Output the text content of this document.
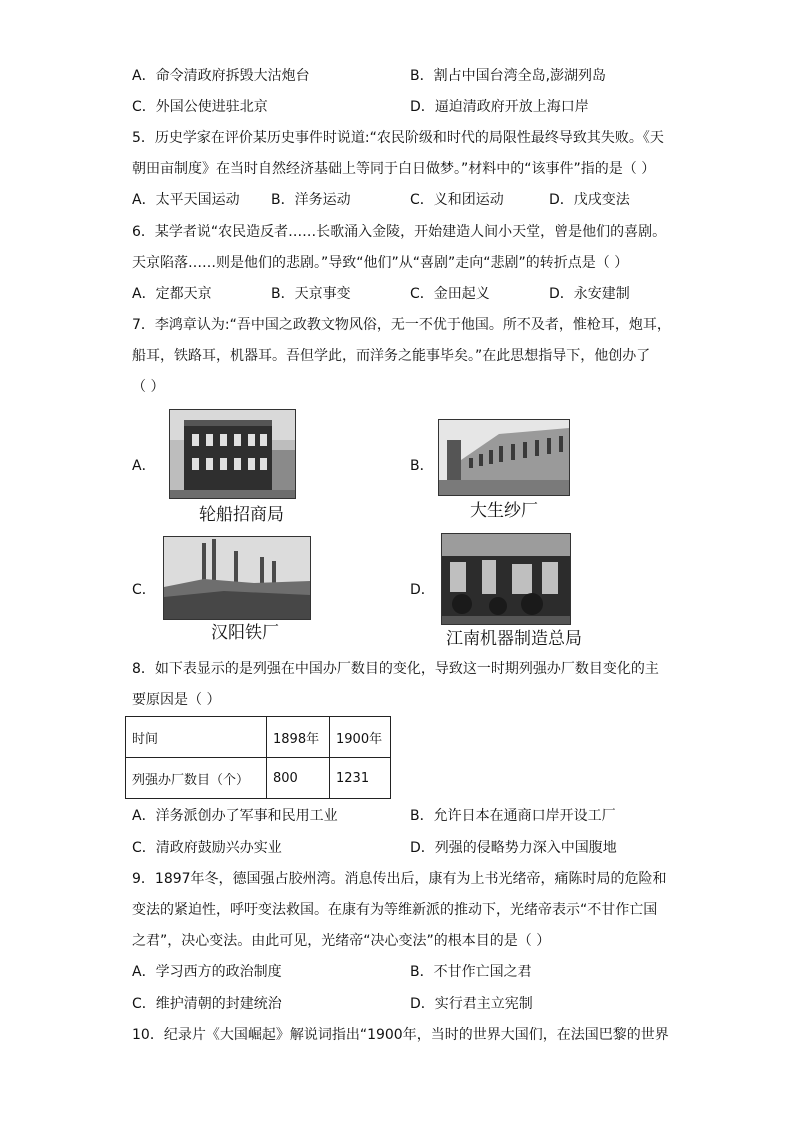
A．命令清政府拆毁大沽炮台	B．割占中国台湾全岛,澎湖列岛
C．外国公使进驻北京	D．逼迫清政府开放上海口岸
5．历史学家在评价某历史事件时说道:“农民阶级和时代的局限性最终导致其失败。《天
朝田亩制度》在当时自然经济基础上等同于白日做梦。”材料中的“该事件”指的是（ ）
A．太平天国运动 B．洋务运动	C．义和团运动	D．戊戌变法
6．某学者说“农民造反者……长歌涌入金陵，开始建造人间小天堂，曾是他们的喜剧。
天京陷落……则是他们的悲剧。”导致“他们”从“喜剧”走向“悲剧”的转折点是（ ）
A．定都天京	B．天京事变	C．金田起义	D．永安建制
7．李鸿章认为:“吾中国之政教文物风俗，无一不优于他国。所不及者，惟枪耳，炮耳，
船耳，铁路耳，机器耳。吾但学此，而洋务之能事毕矣。”在此思想指导下，他创办了
（ ）
A．
轮船招商局
B．
大生纱厂
C．
汉阳铁厂
D．
江南机器制造总局
8．如下表显示的是列强在中国办厂数目的变化，导致这一时期列强办厂数目变化的主
要原因是（ ）
时间	1898年	1900年
列强办厂数目（个）	800	1231
A．洋务派创办了军事和民用工业	B．允许日本在通商口岸开设工厂
C．清政府鼓励兴办实业	D．列强的侵略势力深入中国腹地
9．1897年冬，德国强占胶州湾。消息传出后，康有为上书光绪帝，痛陈时局的危险和
变法的紧迫性，呼吁变法救国。在康有为等维新派的推动下，光绪帝表示“不甘作亡国
之君”，决心变法。由此可见，光绪帝“决心变法”的根本目的是（ ）
A．学习西方的政治制度	B．不甘作亡国之君
C．维护清朝的封建统治	D．实行君主立宪制
10．纪录片《大国崛起》解说词指出“1900年，当时的世界大国们，在法国巴黎的世界
